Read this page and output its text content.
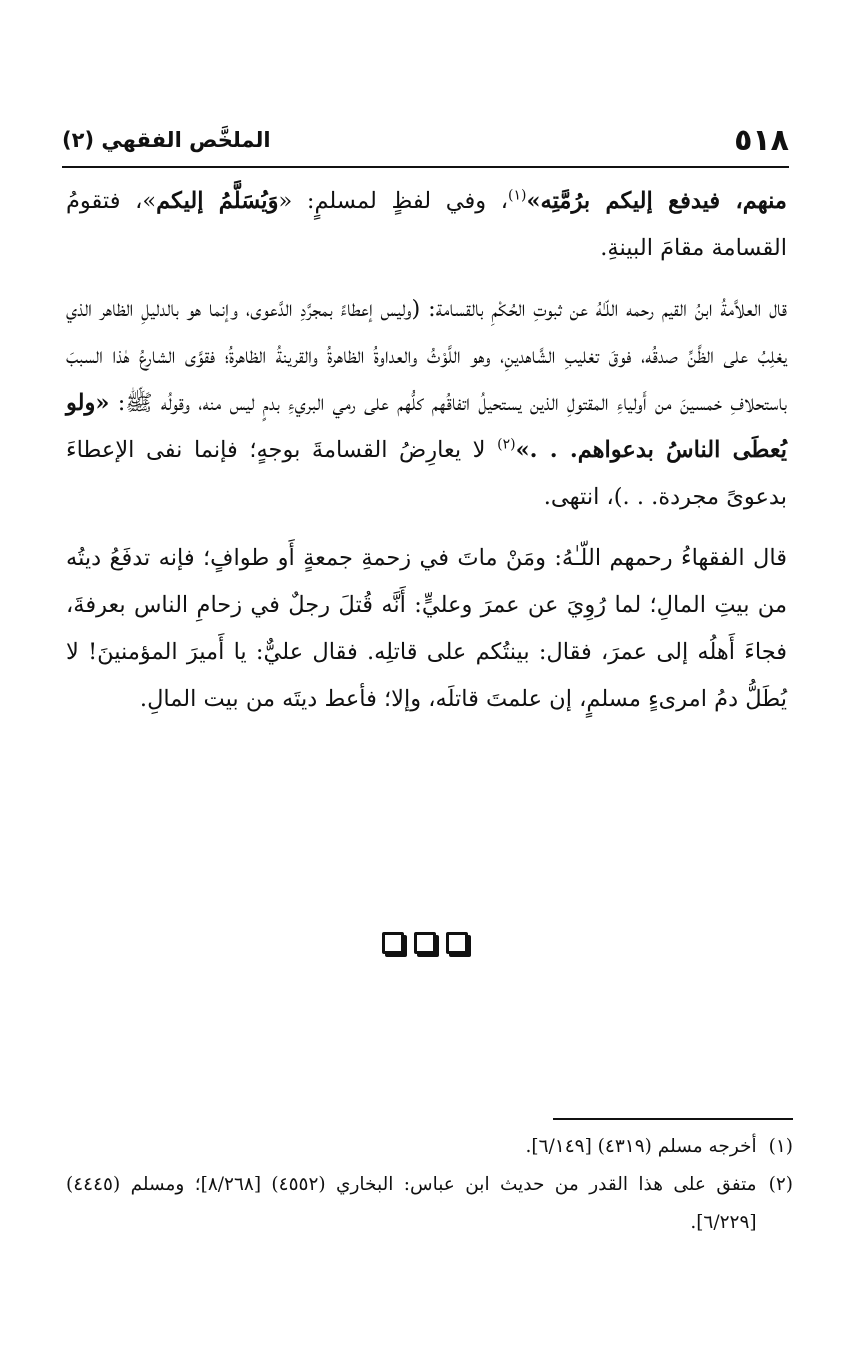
٥١٨
الملخَّص الفقهي (٢)

منهم، فيدفع إليكم برُمَّتِه»$^{(١)}$، وفي لفظٍ لمسلمٍ: «وَيُسَلَّمُ إليكم»، فتقومُ القسامة مقامَ البينةِ.

قال العلاَّمةُ ابنُ القيم رحمه اللّـٰهُ عن ثبوتِ الحُكْمِ بالقسامة: (وليس إعطاءً بمجرَّدِ الدَّعوى، وإنما هو بالدليلِ الظاهر الذي يغلِبُ على الظَّنِّ صدقُه، فوقَ تغليبِ الشَّاهدينِ، وهو اللَّوْثُ والعداوةُ الظاهرةُ والقرينةُ الظاهرةُ؛ فقوَّى الشارعُ هٰذا السببَ باستحلافِ خمسينَ من أَولياءِ المقتولِ الذين يستحيلُ اتفاقُهم كلُّهم على رمي البريءِ بدمٍ ليس منه، وقولُه ﷺ: «ولو يُعطَى الناسُ بدعواهم. . .»$^{(٢)}$ لا يعارِضُ القسامةَ بوجهٍ؛ فإنما نفى الإعطاءَ بدعوىً مجردة. . .)، انتهى.

قال الفقهاءُ رحمهم اللّـٰهُ: ومَنْ ماتَ في زحمةِ جمعةٍ أَو طوافٍ؛ فإنه تدفَعُ ديتُه من بيتِ المالِ؛ لما رُوِيَ عن عمرَ وعليٍّ: أَنَّه قُتلَ رجلٌ في زحامِ الناس بعرفةَ، فجاءَ أَهلُه إلى عمرَ، فقال: بينتُكم على قاتلِه. فقال عليٌّ: يا أَميرَ المؤمنينَ! لا يُطَلُّ دمُ امرىءٍ مسلمٍ، إن علمتَ قاتلَه، وإلا؛ فأعط ديتَه من بيت المالِ.

(١)
أخرجه مسلم (٤٣١٩) [٦/١٤٩].
(٢)
متفق على هذا القدر من حديث ابن عباس: البخاري (٤٥٥٢) [٨/٢٦٨]؛ ومسلم (٤٤٤٥) [٦/٢٢٩].
